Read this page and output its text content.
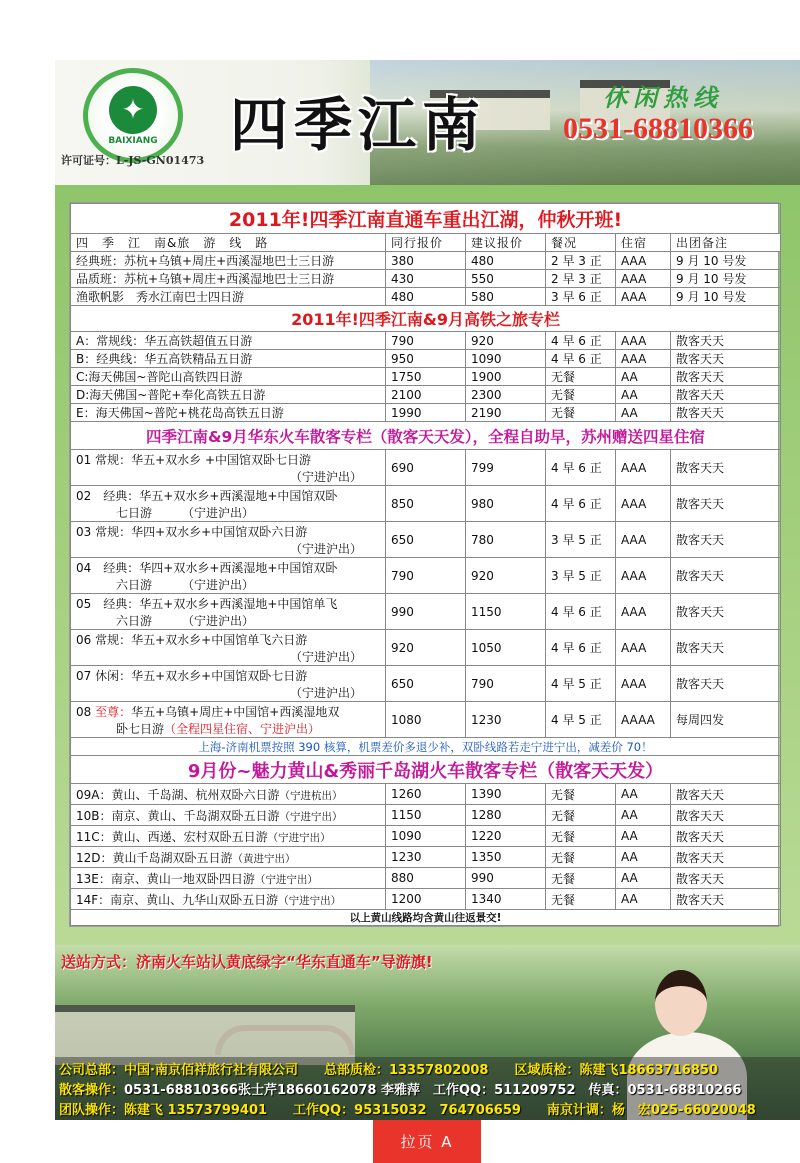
✦
BAIXIANG
许可证号：L-JS-GN01473
四季江南	休闲热线
0531-68810366
2011年!四季江南直通车重出江湖，仲秋开班!					
四　季　江　南&旅　游　线　路	同行报价	建议报价	餐况	住宿	出团备注
经典班：苏杭+乌镇+周庄+西溪湿地巴士三日游	380	480	2 早 3 正	AAA	9 月 10 号发
品质班：苏杭+乌镇+周庄+西溪湿地巴士三日游	430	550	2 早 3 正	AAA	9 月 10 号发
渔歌帆影　秀水江南巴士四日游	480	580	3 早 6 正	AAA	9 月 10 号发
2011年!四季江南&9月高铁之旅专栏					
A：常规线：华五高铁超值五日游	790	920	4 早 6 正	AAA	散客天天
B：经典线：华五高铁精品五日游	950	1090	4 早 6 正	AAA	散客天天
C:海天佛国~普陀山高铁四日游	1750	1900	无餐	AA	散客天天
D:海天佛国~普陀+奉化高铁五日游	2100	2300	无餐	AA	散客天天
E：海天佛国~普陀+桃花岛高铁五日游	1990	2190	无餐	AA	散客天天
四季江南&9月华东火车散客专栏（散客天天发），全程自助早，苏州赠送四星住宿					
01 常规：华五+双水乡 +中国馆双卧七日游
（宁进沪出）	690	799	4 早 6 正	AAA	散客天天
02　经典：华五+双水乡+西溪湿地+中国馆双卧
七日游　　　（宁进沪出）	850	980	4 早 6 正	AAA	散客天天
03 常规：华四+双水乡+中国馆双卧六日游
（宁进沪出）	650	780	3 早 5 正	AAA	散客天天
04　经典：华四+双水乡+西溪湿地+中国馆双卧
六日游　　　（宁进沪出）	790	920	3 早 5 正	AAA	散客天天
05　经典：华五+双水乡+西溪湿地+中国馆单飞
六日游　　　（宁进沪出）	990	1150	4 早 6 正	AAA	散客天天
06 常规：华五+双水乡+中国馆单飞六日游
（宁进沪出）	920	1050	4 早 6 正	AAA	散客天天
07 休闲：华五+双水乡+中国馆双卧七日游
（宁进沪出）	650	790	4 早 5 正	AAA	散客天天
08 至尊：华五+乌镇+周庄+中国馆+西溪湿地双
卧七日游（全程四星住宿、宁进沪出）	1080	1230	4 早 5 正	AAAA	每周四发
上海-济南机票按照 390 核算，机票差价多退少补，双卧线路若走宁进宁出，减差价 70！					
9月份~魅力黄山&秀丽千岛湖火车散客专栏（散客天天发）					
09A：黄山、千岛湖、杭州双卧六日游（宁进杭出）	1260	1390	无餐	AA	散客天天
10B：南京、黄山、千岛湖双卧五日游（宁进宁出）	1150	1280	无餐	AA	散客天天
11C：黄山、西递、宏村双卧五日游（宁进宁出）	1090	1220	无餐	AA	散客天天
12D：黄山千岛湖双卧五日游（黄进宁出）	1230	1350	无餐	AA	散客天天
13E：南京、黄山一地双卧四日游（宁进宁出）	880	990	无餐	AA	散客天天
14F：南京、黄山、九华山双卧五日游（宁进宁出）	1200	1340	无餐	AA	散客天天
以上黄山线路均含黄山往返景交!					
送站方式：济南火车站认黄底绿字“华东直通车”导游旗!
公司总部：中国·南京佰祥旅行社有限公司　　总部质检：13357802008　　区域质检：陈建飞18663716850
散客操作：0531-68810366张士芹18660162078 李雅萍　工作QQ：511209752　传真：0531-68810266
团队操作：陈建飞 13573799401　　工作QQ：95315032　764706659　　南京计调：杨　宏025-66020048
拉页 A
